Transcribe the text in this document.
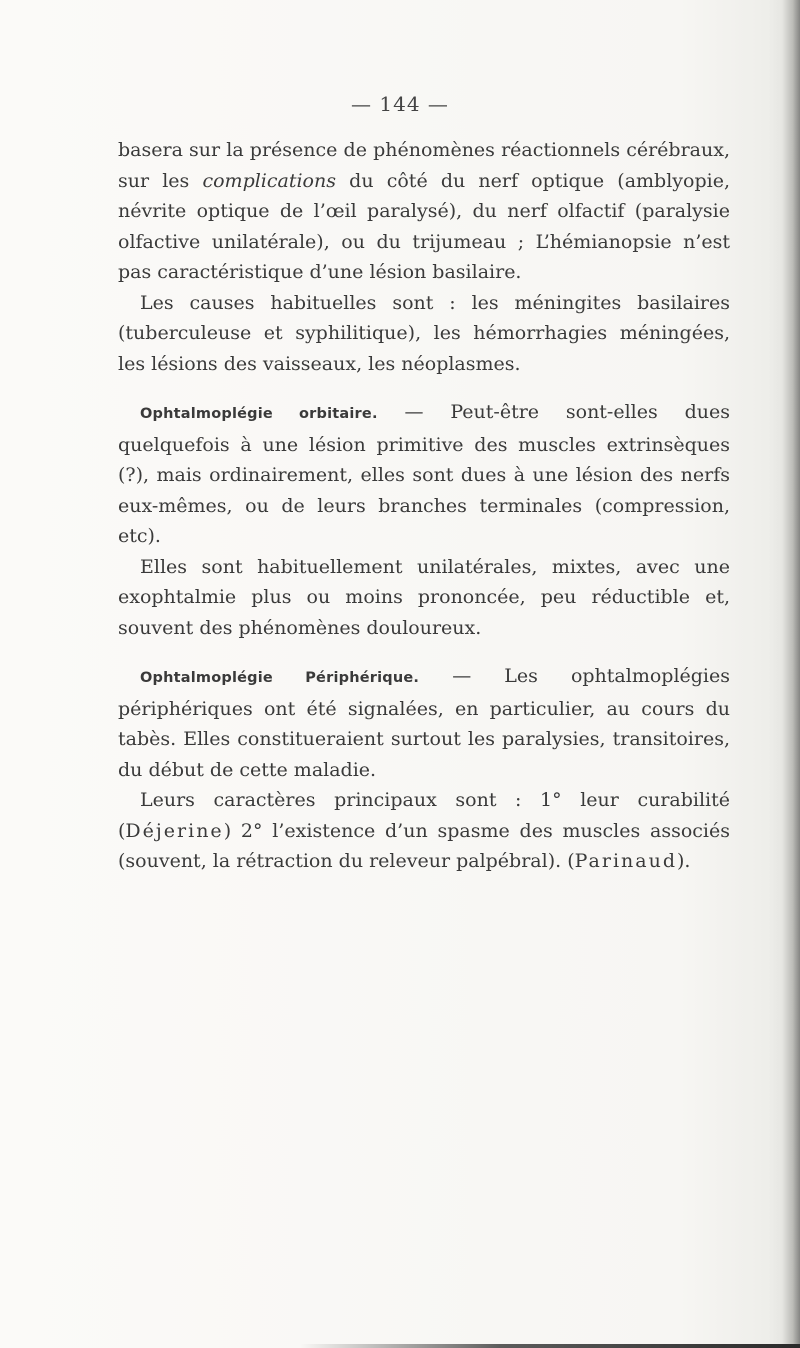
— 144 —

basera sur la présence de phénomènes réactionnels cérébraux, sur les complications du côté du nerf optique (amblyopie, névrite optique de l’œil paralysé), du nerf olfactif (paralysie olfactive unilatérale), ou du trijumeau ; L’hémianopsie n’est pas caractéristique d’une lésion basilaire.

Les causes habituelles sont : les méningites basilaires (tuberculeuse et syphilitique), les hémorrhagies méningées, les lésions des vaisseaux, les néoplasmes.

Ophtalmoplégie orbitaire. — Peut-être sont-elles dues quelquefois à une lésion primitive des muscles extrinsèques (?), mais ordinairement, elles sont dues à une lésion des nerfs eux-mêmes, ou de leurs branches terminales (compression, etc).

Elles sont habituellement unilatérales, mixtes, avec une exophtalmie plus ou moins prononcée, peu réductible et, souvent des phénomènes douloureux.

Ophtalmoplégie Périphérique. — Les ophtalmoplégies périphériques ont été signalées, en particulier, au cours du tabès. Elles constitueraient surtout les paralysies, transitoires, du début de cette maladie.

Leurs caractères principaux sont : 1° leur curabilité (Déjerine) 2° l’existence d’un spasme des muscles associés (souvent, la rétraction du releveur palpébral). (Parinaud).
